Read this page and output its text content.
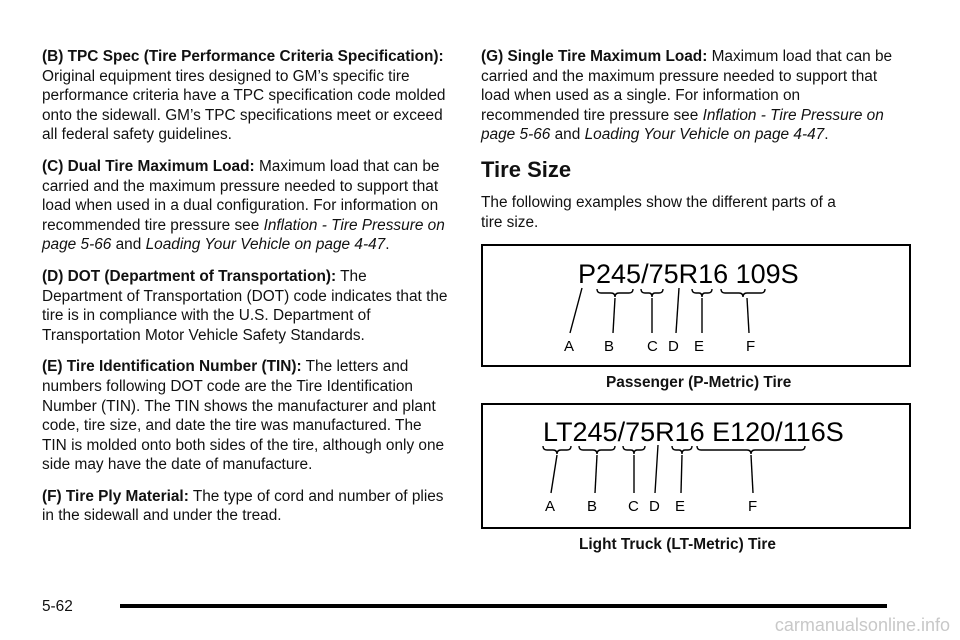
(B) TPC Spec (Tire Performance Criteria Specification): Original equipment tires designed to GM’s specific tire performance criteria have a TPC specification code molded onto the sidewall. GM’s TPC specifications meet or exceed all federal safety guidelines.

(C) Dual Tire Maximum Load: Maximum load that can be carried and the maximum pressure needed to support that load when used in a dual configuration. For information on recommended tire pressure see Inflation - Tire Pressure on page 5-66 and Loading Your Vehicle on page 4-47.

(D) DOT (Department of Transportation): The Department of Transportation (DOT) code indicates that the tire is in compliance with the U.S. Department of Transportation Motor Vehicle Safety Standards.

(E) Tire Identification Number (TIN): The letters and numbers following DOT code are the Tire Identification Number (TIN). The TIN shows the manufacturer and plant code, tire size, and date the tire was manufactured. The TIN is molded onto both sides of the tire, although only one side may have the date of manufacture.

(F) Tire Ply Material: The type of cord and number of plies in the sidewall and under the tread.

(G) Single Tire Maximum Load: Maximum load that can be carried and the maximum pressure needed to support that load when used as a single. For information on recommended tire pressure see Inflation - Tire Pressure on page 5-66 and Loading Your Vehicle on page 4-47.

Tire Size

The following examples show the different parts of a tire size.

P245/75R16 109S
A B C D E	F
Passenger (P-Metric) Tire
LT245/75R16 E120/116S
A B C D E	F
Light Truck (LT-Metric) Tire
5-62
carmanualsonline.info
